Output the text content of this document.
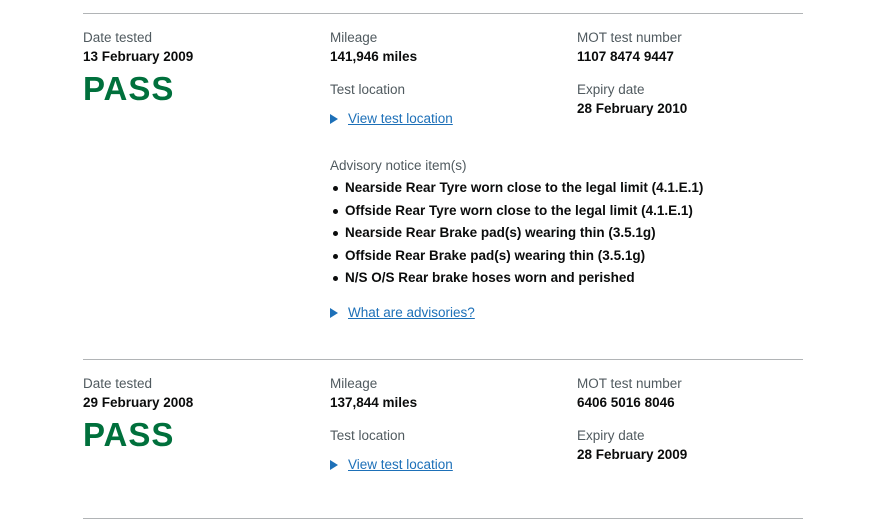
Date tested
13 February 2009
PASS
Mileage
141,946 miles
Test location
View test location
MOT test number
1107 8474 9447
Expiry date
28 February 2010
Advisory notice item(s)
Nearside Rear Tyre worn close to the legal limit (4.1.E.1)
Offside Rear Tyre worn close to the legal limit (4.1.E.1)
Nearside Rear Brake pad(s) wearing thin (3.5.1g)
Offside Rear Brake pad(s) wearing thin (3.5.1g)
N/S O/S Rear brake hoses worn and perished
What are advisories?
Date tested
29 February 2008
PASS
Mileage
137,844 miles
Test location
View test location
MOT test number
6406 5016 8046
Expiry date
28 February 2009
